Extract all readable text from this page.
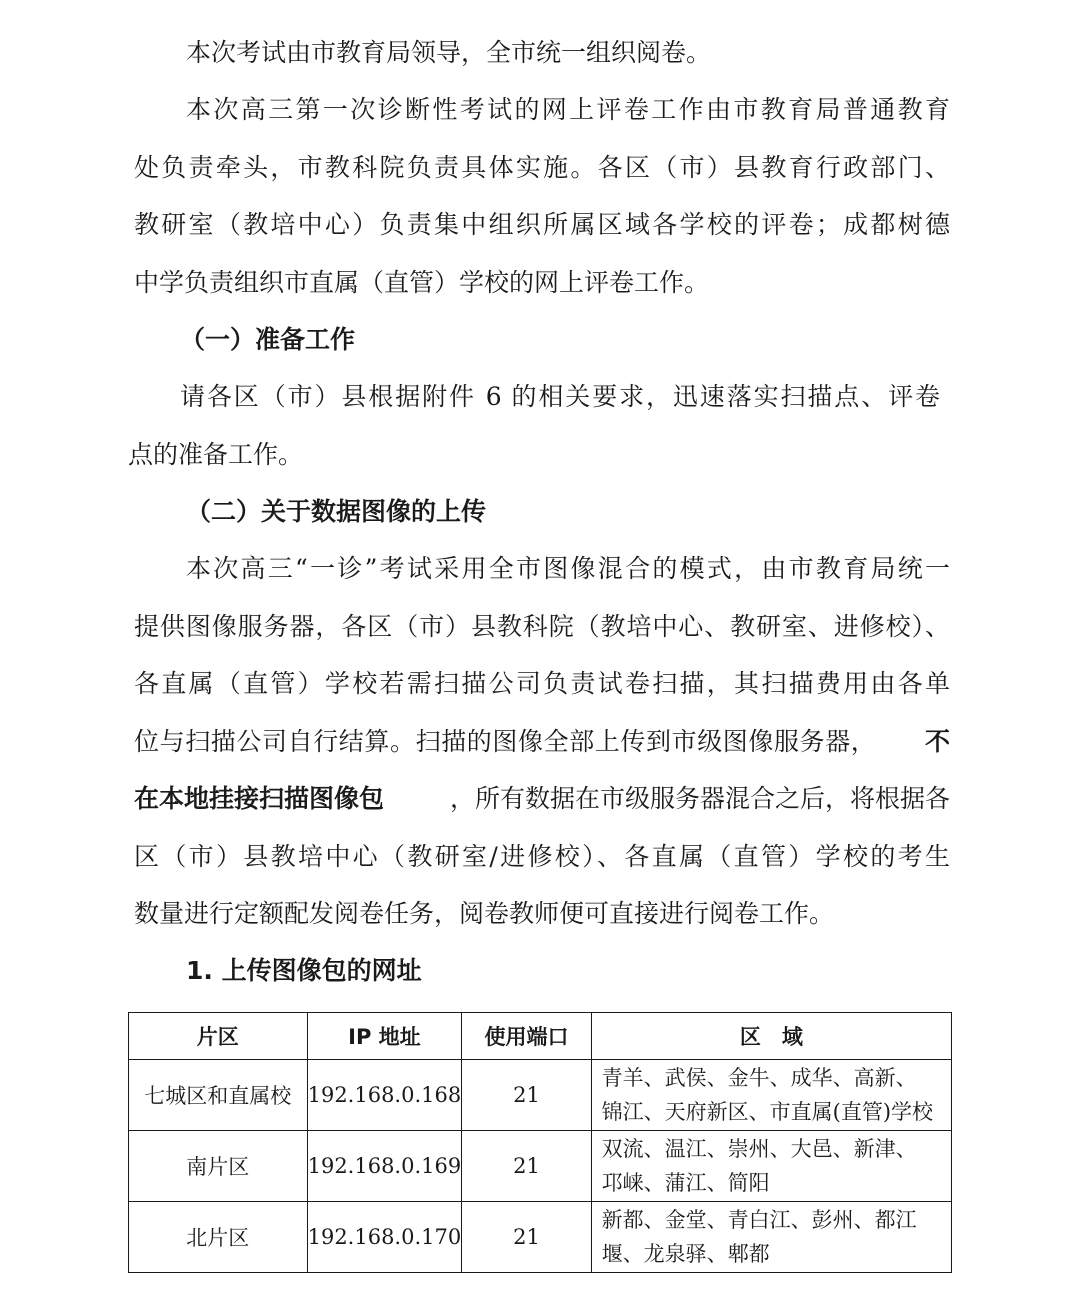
本次考试由市教育局领导，全市统一组织阅卷。
本次高三第一次诊断性考试的网上评卷工作由市教育局普通教育
处负责牵头，市教科院负责具体实施。各区（市）县教育行政部门、
教研室（教培中心）负责集中组织所属区域各学校的评卷；成都树德
中学负责组织市直属（直管）学校的网上评卷工作。
（一）准备工作
请各区（市）县根据附件 6 的相关要求，迅速落实扫描点、评卷
点的准备工作。
（二）关于数据图像的上传
本次高三“一诊”考试采用全市图像混合的模式，由市教育局统一
提供图像服务器，各区（市）县教科院（教培中心、教研室、进修校）、
各直属（直管）学校若需扫描公司负责试卷扫描，其扫描费用由各单
位与扫描公司自行结算。扫描的图像全部上传到市级图像服务器， 不
在本地挂接扫描图像包	，所有数据在市级服务器混合之后，将根据各
区（市）县教培中心（教研室/进修校）、各直属（直管）学校的考生
数量进行定额配发阅卷任务，阅卷教师便可直接进行阅卷工作。
1. 上传图像包的网址
片区	IP 地址	使用端口	区　域
七城区和直属校	192.168.0.168	21	青羊、武侯、金牛、成华、高新、
锦江、天府新区、市直属(直管)学校

南片区	192.168.0.169	21	双流、温江、崇州、大邑、新津、
邛崃、蒲江、简阳

北片区	192.168.0.170	21	新都、金堂、青白江、彭州、都江
堰、龙泉驿、郫都
